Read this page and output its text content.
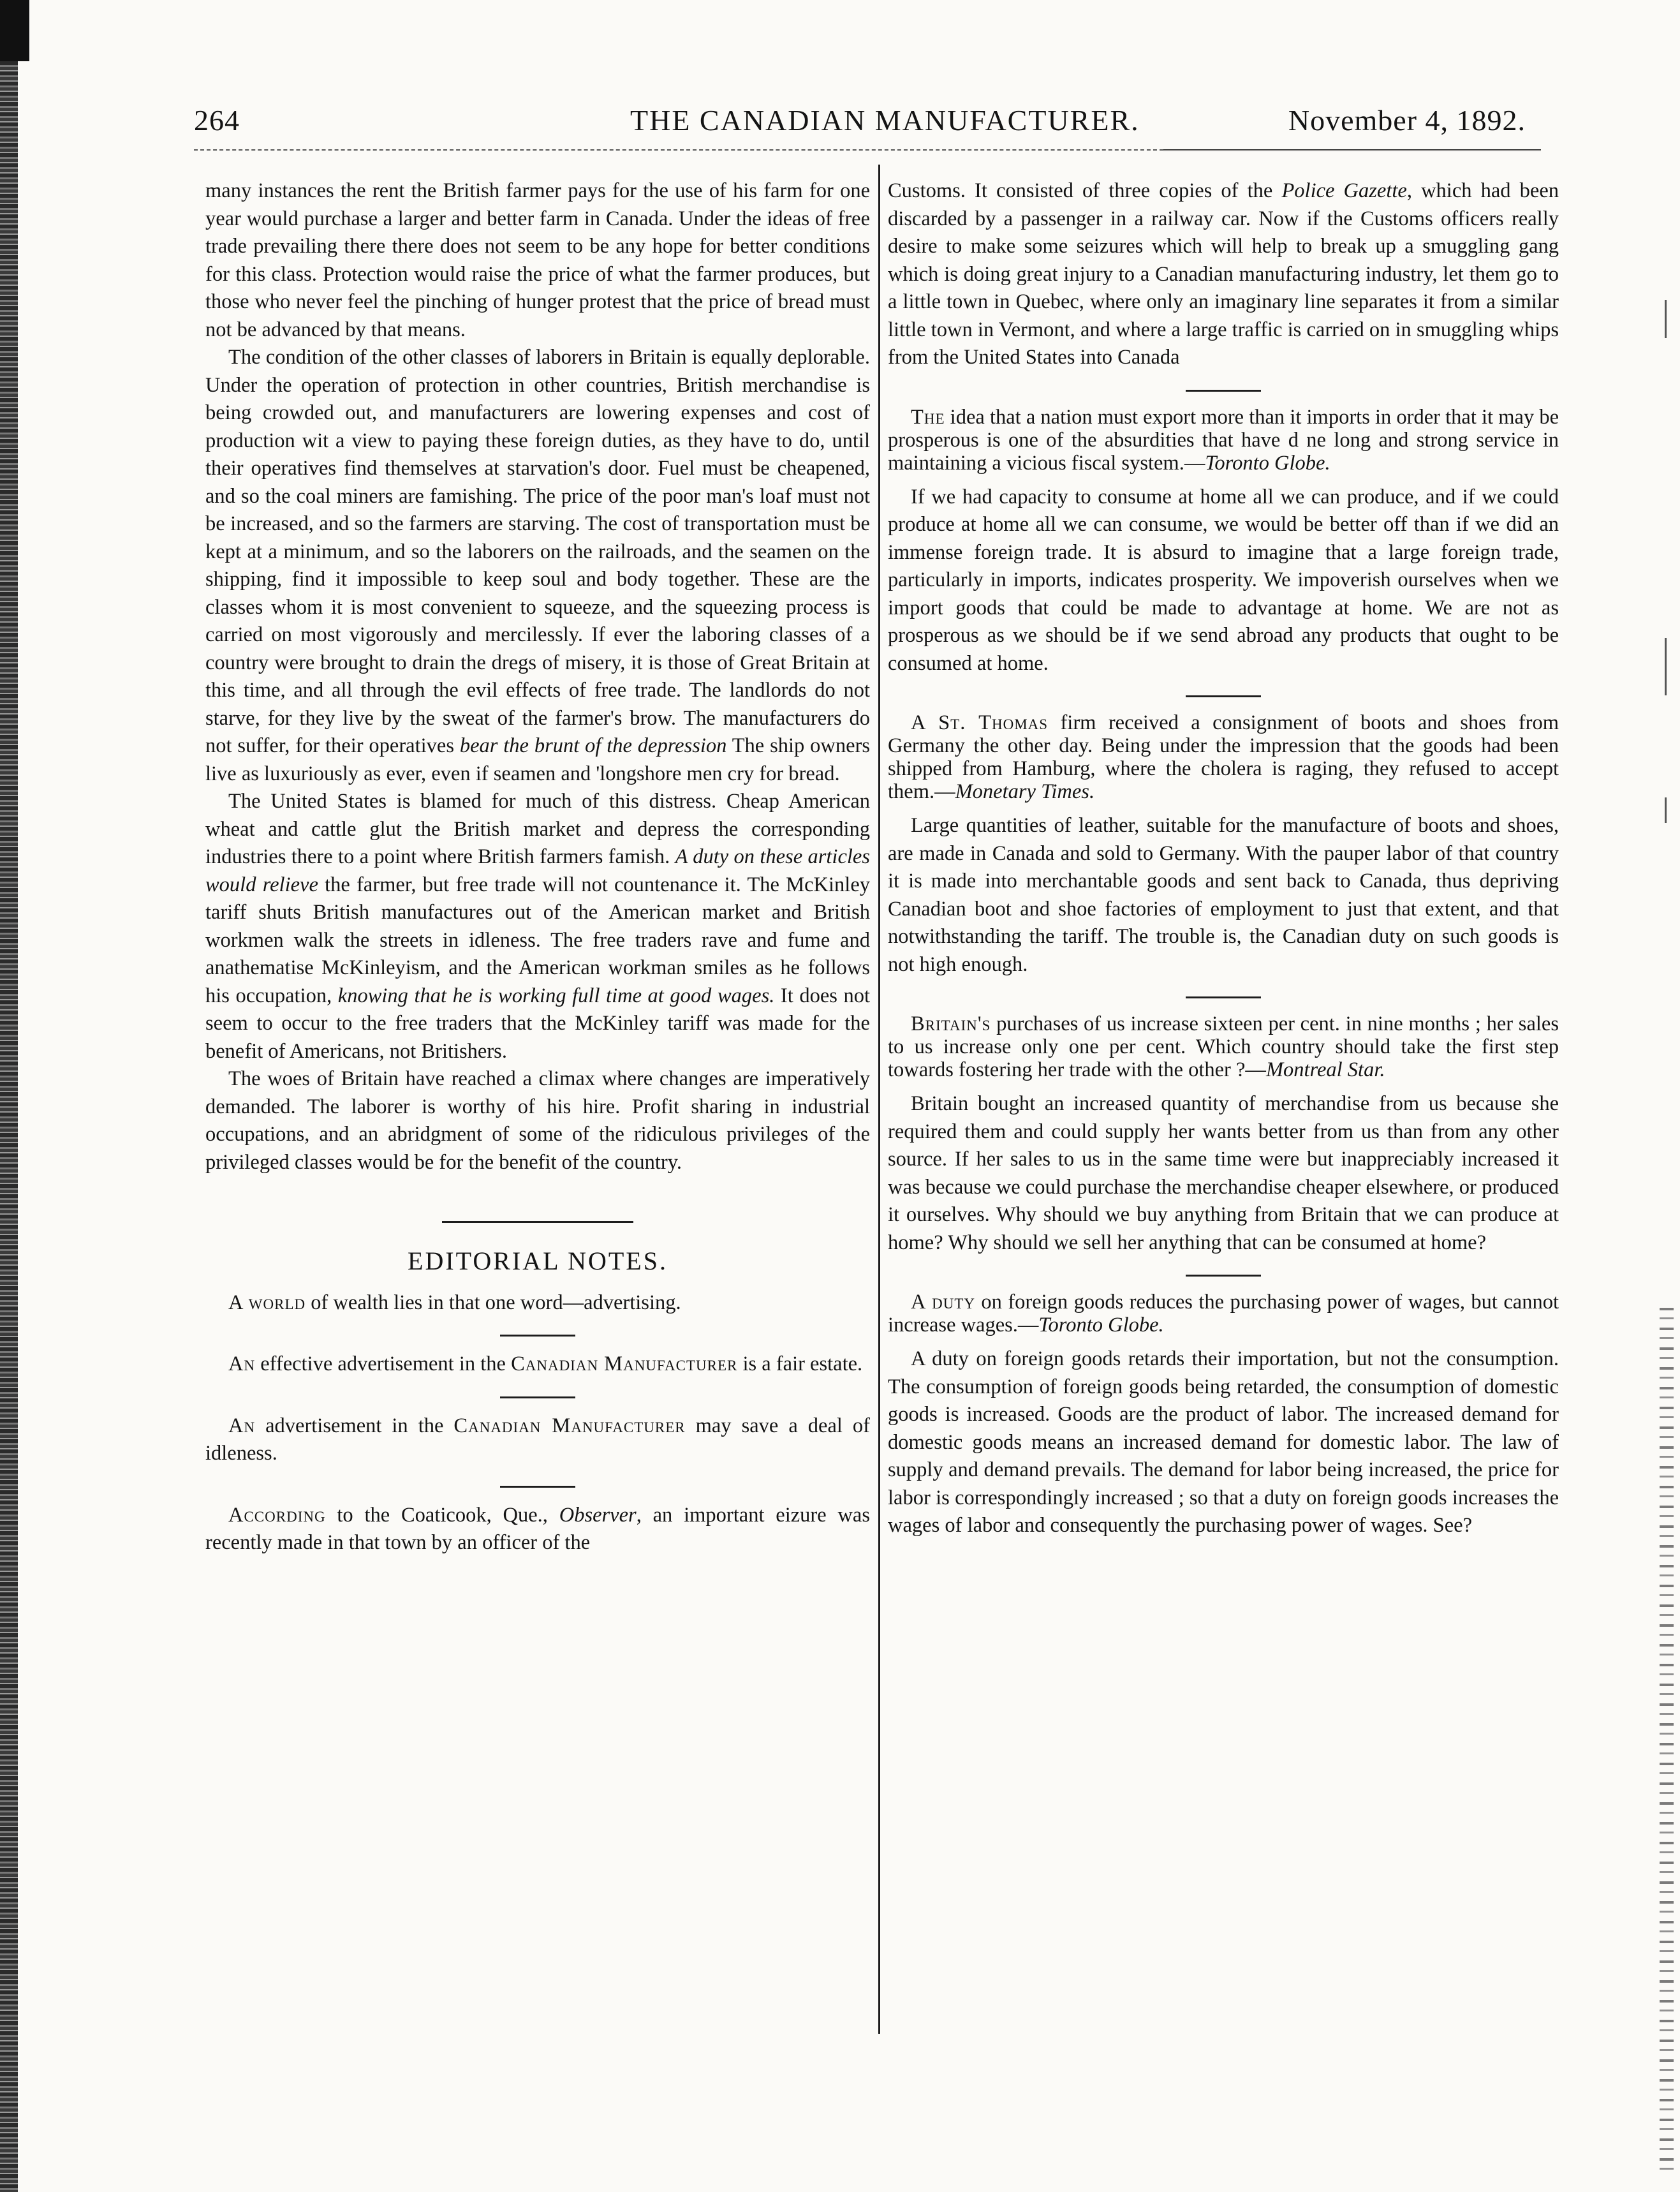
264	THE CANADIAN MANUFACTURER.	November 4, 1892.

many instances the rent the British farmer pays for the use of his farm for one year would purchase a larger and better farm in Canada. Under the ideas of free trade prevailing there there does not seem to be any hope for better conditions for this class. Protection would raise the price of what the farmer produces, but those who never feel the pinching of hunger protest that the price of bread must not be advanced by that means.

The condition of the other classes of laborers in Britain is equally deplorable. Under the operation of protection in other countries, British merchandise is being crowded out, and manufacturers are lowering expenses and cost of production wit a view to paying these foreign duties, as they have to do, until their operatives find themselves at starvation's door. Fuel must be cheapened, and so the coal miners are famishing. The price of the poor man's loaf must not be increased, and so the farmers are starving. The cost of transportation must be kept at a minimum, and so the laborers on the railroads, and the seamen on the shipping, find it impossible to keep soul and body together. These are the classes whom it is most convenient to squeeze, and the squeezing process is carried on most vigorously and mercilessly. If ever the laboring classes of a country were brought to drain the dregs of misery, it is those of Great Britain at this time, and all through the evil effects of free trade. The landlords do not starve, for they live by the sweat of the farmer's brow. The manufacturers do not suffer, for their operatives bear the brunt of the depression The ship owners live as luxuriously as ever, even if seamen and 'longshore men cry for bread.

The United States is blamed for much of this distress. Cheap American wheat and cattle glut the British market and depress the corresponding industries there to a point where British farmers famish. A duty on these articles would relieve the farmer, but free trade will not countenance it. The McKinley tariff shuts British manufactures out of the American market and British workmen walk the streets in idleness. The free traders rave and fume and anathematise McKinleyism, and the American workman smiles as he follows his occupation, knowing that he is working full time at good wages. It does not seem to occur to the free traders that the McKinley tariff was made for the benefit of Americans, not Britishers.

The woes of Britain have reached a climax where changes are imperatively demanded. The laborer is worthy of his hire. Profit sharing in industrial occupations, and an abridgment of some of the ridiculous privileges of the privileged classes would be for the benefit of the country.

EDITORIAL NOTES.

A world of wealth lies in that one word—advertising.

An effective advertisement in the Canadian Manufacturer is a fair estate.

An advertisement in the Canadian Manufacturer may save a deal of idleness.

According to the Coaticook, Que., Observer, an important eizure was recently made in that town by an officer of the

Customs. It consisted of three copies of the Police Gazette, which had been discarded by a passenger in a railway car. Now if the Customs officers really desire to make some seizures which will help to break up a smuggling gang which is doing great injury to a Canadian manufacturing industry, let them go to a little town in Quebec, where only an imaginary line separates it from a similar little town in Vermont, and where a large traffic is carried on in smuggling whips from the United States into Canada

The idea that a nation must export more than it imports in order that it may be prosperous is one of the absurdities that have d ne long and strong service in maintaining a vicious fiscal system.—Toronto Globe.

If we had capacity to consume at home all we can produce, and if we could produce at home all we can consume, we would be better off than if we did an immense foreign trade. It is absurd to imagine that a large foreign trade, particularly in imports, indicates prosperity. We impoverish ourselves when we import goods that could be made to advantage at home. We are not as prosperous as we should be if we send abroad any products that ought to be consumed at home.

A St. Thomas firm received a consignment of boots and shoes from Germany the other day. Being under the impression that the goods had been shipped from Hamburg, where the cholera is raging, they refused to accept them.—Monetary Times.

Large quantities of leather, suitable for the manufacture of boots and shoes, are made in Canada and sold to Germany. With the pauper labor of that country it is made into merchantable goods and sent back to Canada, thus depriving Canadian boot and shoe factories of employment to just that extent, and that notwithstanding the tariff. The trouble is, the Canadian duty on such goods is not high enough.

Britain's purchases of us increase sixteen per cent. in nine months ; her sales to us increase only one per cent. Which country should take the first step towards fostering her trade with the other ?—Montreal Star.

Britain bought an increased quantity of merchandise from us because she required them and could supply her wants better from us than from any other source. If her sales to us in the same time were but inappreciably increased it was because we could purchase the merchandise cheaper elsewhere, or produced it ourselves. Why should we buy anything from Britain that we can produce at home? Why should we sell her anything that can be consumed at home?

A duty on foreign goods reduces the purchasing power of wages, but cannot increase wages.—Toronto Globe.

A duty on foreign goods retards their importation, but not the consumption. The consumption of foreign goods being retarded, the consumption of domestic goods is increased. Goods are the product of labor. The increased demand for domestic goods means an increased demand for domestic labor. The law of supply and demand prevails. The demand for labor being increased, the price for labor is correspondingly increased ; so that a duty on foreign goods increases the wages of labor and consequently the purchasing power of wages. See?
